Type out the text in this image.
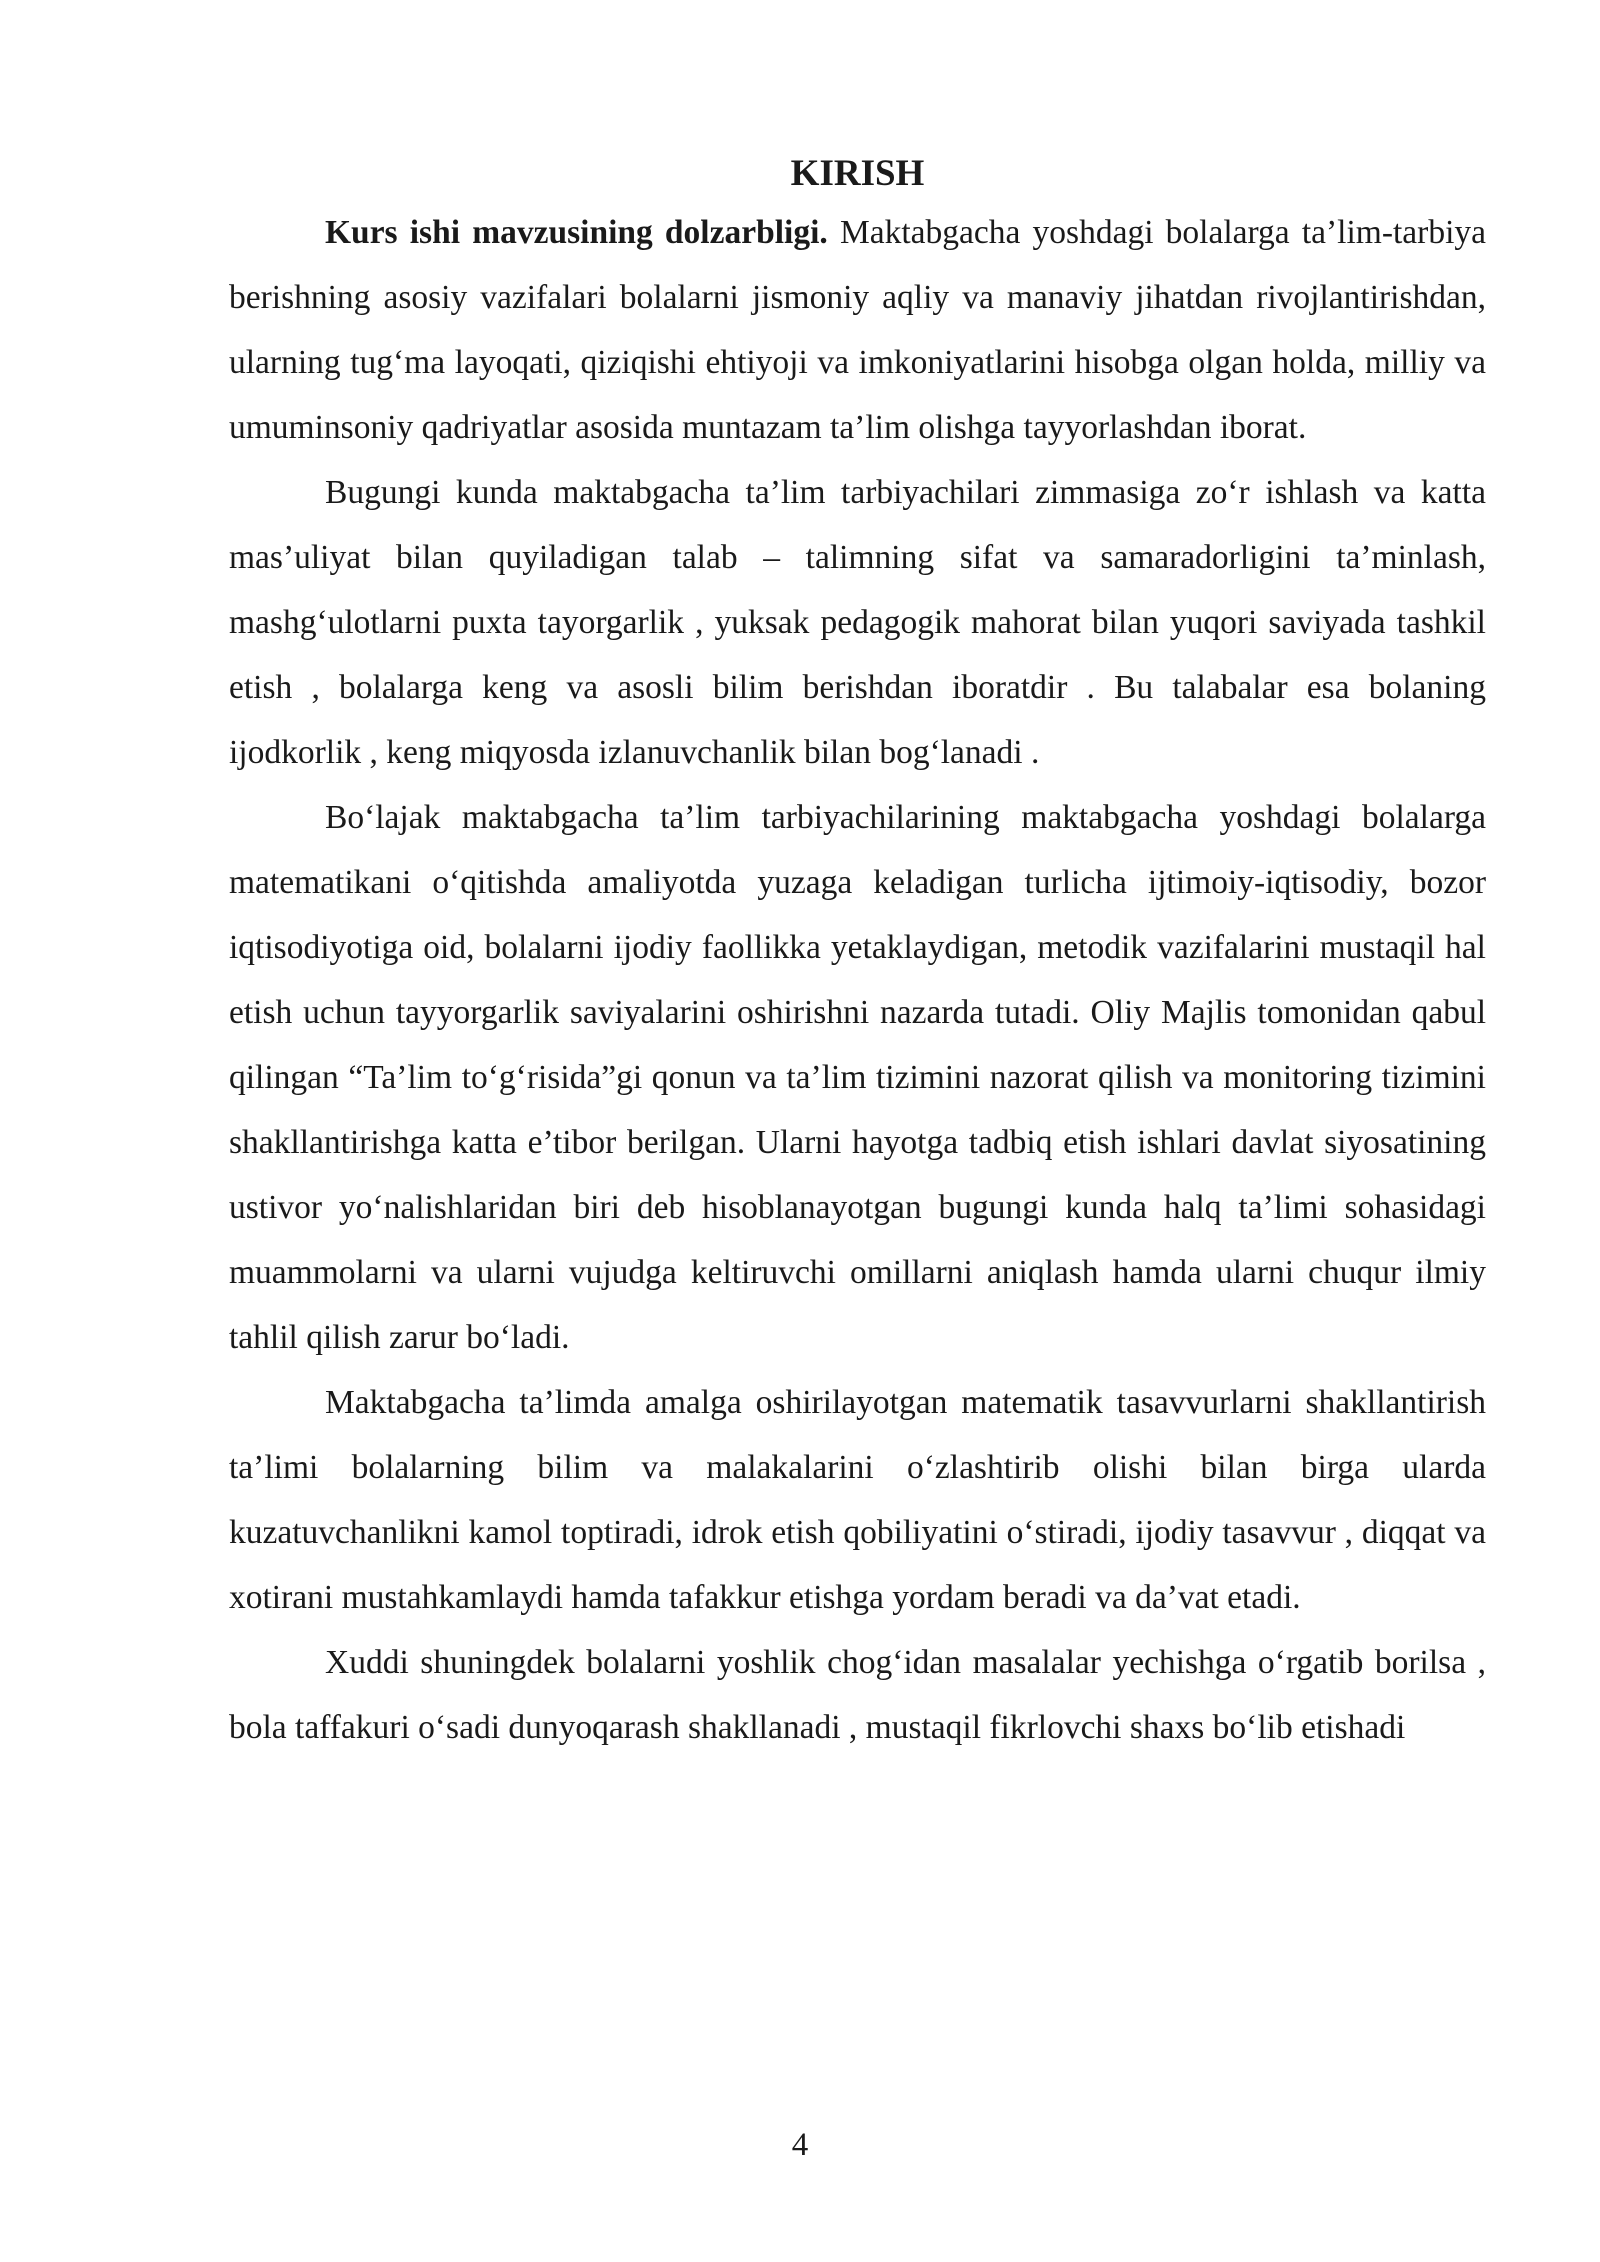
KIRISH

Kurs ishi mavzusining dolzarbligi. Maktabgacha yoshdagi bolalarga ta’lim-tarbiya berishning asosiy vazifalari bolalarni jismoniy aqliy va manaviy jihatdan rivojlantirishdan, ularning tug‘ma layoqati, qiziqishi ehtiyoji va imkoniyatlarini hisobga olgan holda, milliy va umuminsoniy qadriyatlar asosida muntazam ta’lim olishga tayyorlashdan iborat.

Bugungi kunda maktabgacha ta’lim tarbiyachilari zimmasiga zo‘r ishlash va katta mas’uliyat bilan quyiladigan talab – talimning sifat va samaradorligini ta’minlash, mashg‘ulotlarni puxta tayorgarlik , yuksak pedagogik mahorat bilan yuqori saviyada tashkil etish , bolalarga keng va asosli bilim berishdan iboratdir . Bu talabalar esa bolaning ijodkorlik , keng miqyosda izlanuvchanlik bilan bog‘lanadi .

Bo‘lajak maktabgacha ta’lim tarbiyachilarining maktabgacha yoshdagi bolalarga matematikani o‘qitishda amaliyotda yuzaga keladigan turlicha ijtimoiy-iqtisodiy, bozor iqtisodiyotiga oid, bolalarni ijodiy faollikka yetaklaydigan, metodik vazifalarini mustaqil hal etish uchun tayyorgarlik saviyalarini oshirishni nazarda tutadi. Oliy Majlis tomonidan qabul qilingan “Ta’lim to‘g‘risida”gi qonun va ta’lim tizimini nazorat qilish va monitoring tizimini shakllantirishga katta e’tibor berilgan. Ularni hayotga tadbiq etish ishlari davlat siyosatining ustivor yo‘nalishlaridan biri deb hisoblanayotgan bugungi kunda halq ta’limi sohasidagi muammolarni va ularni vujudga keltiruvchi omillarni aniqlash hamda ularni chuqur ilmiy tahlil qilish zarur bo‘ladi.

Maktabgacha ta’limda amalga oshirilayotgan matematik tasavvurlarni shakllantirish ta’limi bolalarning bilim va malakalarini o‘zlashtirib olishi bilan birga ularda kuzatuvchanlikni kamol toptiradi, idrok etish qobiliyatini o‘stiradi, ijodiy tasavvur , diqqat va xotirani mustahkamlaydi hamda tafakkur etishga yordam beradi va da’vat etadi.

Xuddi shuningdek bolalarni yoshlik chog‘idan masalalar yechishga o‘rgatib borilsa , bola taffakuri o‘sadi dunyoqarash shakllanadi , mustaqil fikrlovchi shaxs bo‘lib etishadi

4
